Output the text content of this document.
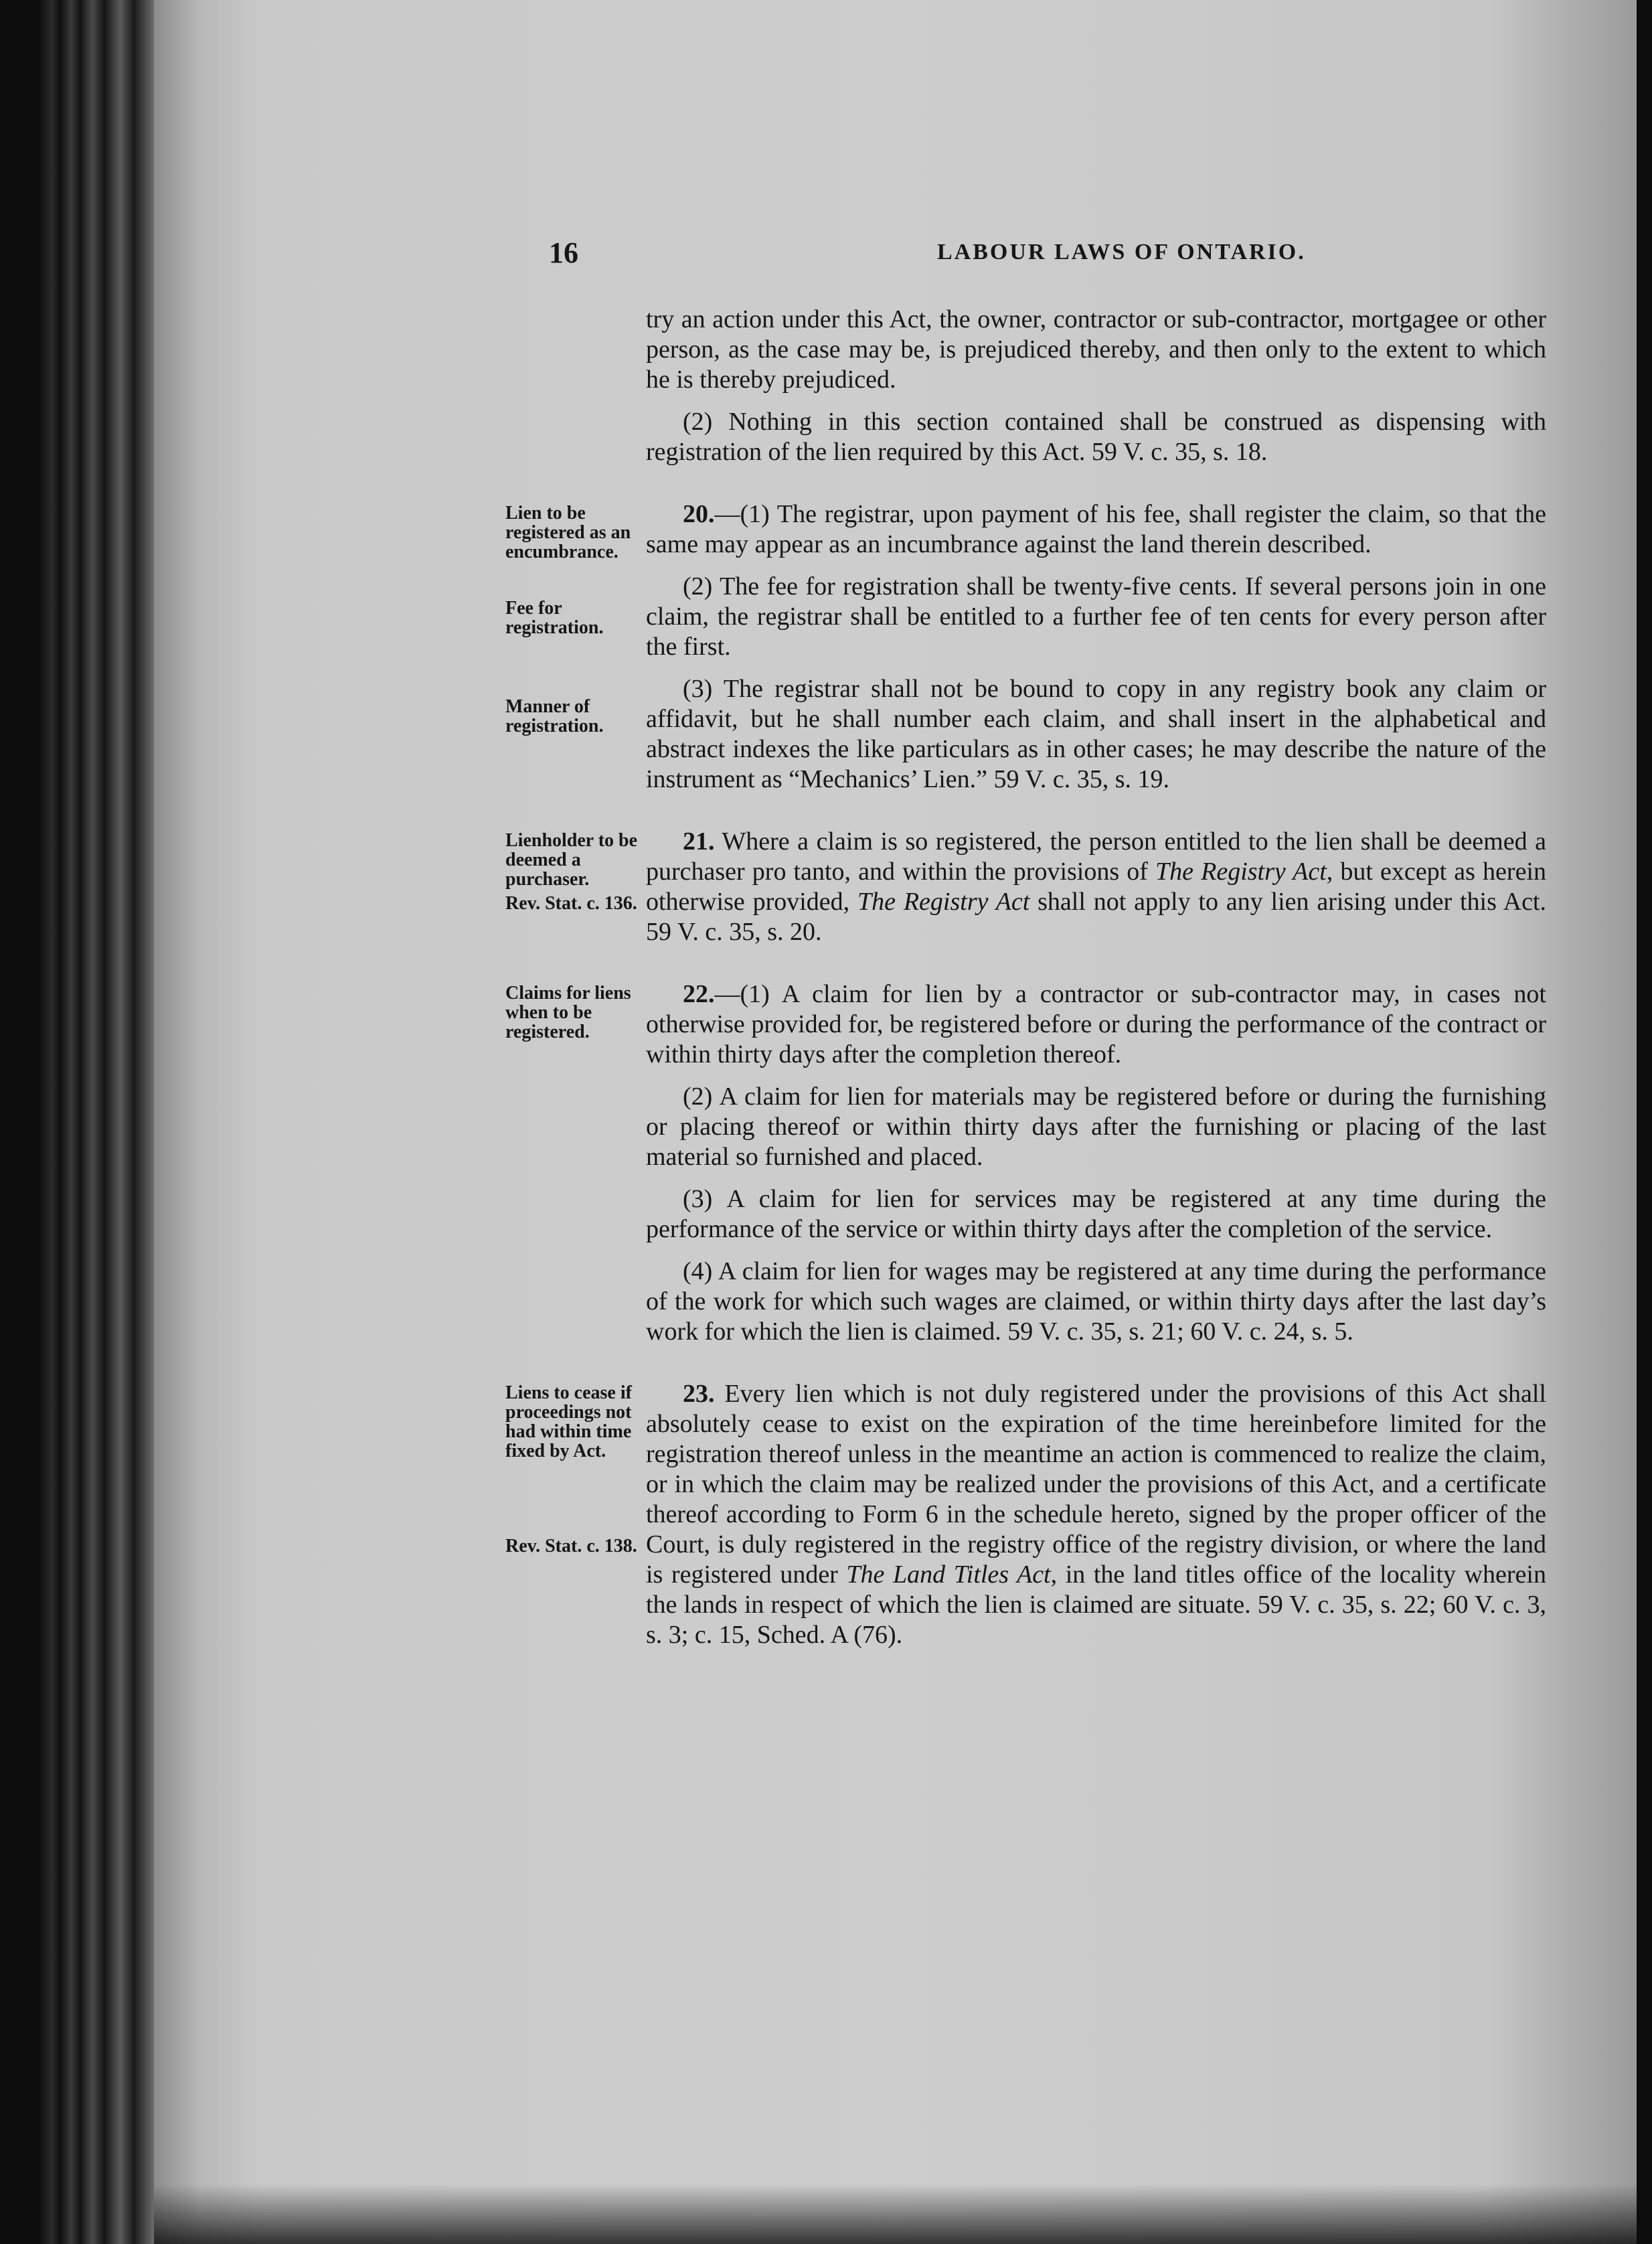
16	LABOUR LAWS OF ONTARIO.

try an action under this Act, the owner, contractor or sub-contractor, mortgagee or other person, as the case may be, is prejudiced thereby, and then only to the extent to which he is thereby prejudiced.

(2) Nothing in this section contained shall be construed as dispensing with registration of the lien required by this Act. 59 V. c. 35, s. 18.

Lien to be registered as an encumbrance.
Fee for registration.
Manner of registration.

20.—(1) The registrar, upon payment of his fee, shall register the claim, so that the same may appear as an incumbrance against the land therein described.

(2) The fee for registration shall be twenty-five cents. If several persons join in one claim, the registrar shall be entitled to a further fee of ten cents for every person after the first.

(3) The registrar shall not be bound to copy in any registry book any claim or affidavit, but he shall number each claim, and shall insert in the alphabetical and abstract indexes the like particulars as in other cases; he may describe the nature of the instrument as “Mechanics’ Lien.” 59 V. c. 35, s. 19.

Lienholder to be deemed a purchaser.
Rev. Stat. c. 136.

21. Where a claim is so registered, the person entitled to the lien shall be deemed a purchaser pro tanto, and within the provisions of The Registry Act, but except as herein otherwise provided, The Registry Act shall not apply to any lien arising under this Act. 59 V. c. 35, s. 20.

Claims for liens when to be registered.

22.—(1) A claim for lien by a contractor or sub-contractor may, in cases not otherwise provided for, be registered before or during the performance of the contract or within thirty days after the completion thereof.

(2) A claim for lien for materials may be registered before or during the furnishing or placing thereof or within thirty days after the furnishing or placing of the last material so furnished and placed.

(3) A claim for lien for services may be registered at any time during the performance of the service or within thirty days after the completion of the service.

(4) A claim for lien for wages may be registered at any time during the performance of the work for which such wages are claimed, or within thirty days after the last day’s work for which the lien is claimed. 59 V. c. 35, s. 21; 60 V. c. 24, s. 5.

Liens to cease if proceedings not had within time fixed by Act.
Rev. Stat. c. 138.

23. Every lien which is not duly registered under the provisions of this Act shall absolutely cease to exist on the expiration of the time hereinbefore limited for the registration thereof unless in the meantime an action is commenced to realize the claim, or in which the claim may be realized under the provisions of this Act, and a certificate thereof according to Form 6 in the schedule hereto, signed by the proper officer of the Court, is duly registered in the registry office of the registry division, or where the land is registered under The Land Titles Act, in the land titles office of the locality wherein the lands in respect of which the lien is claimed are situate. 59 V. c. 35, s. 22; 60 V. c. 3, s. 3; c. 15, Sched. A (76).
